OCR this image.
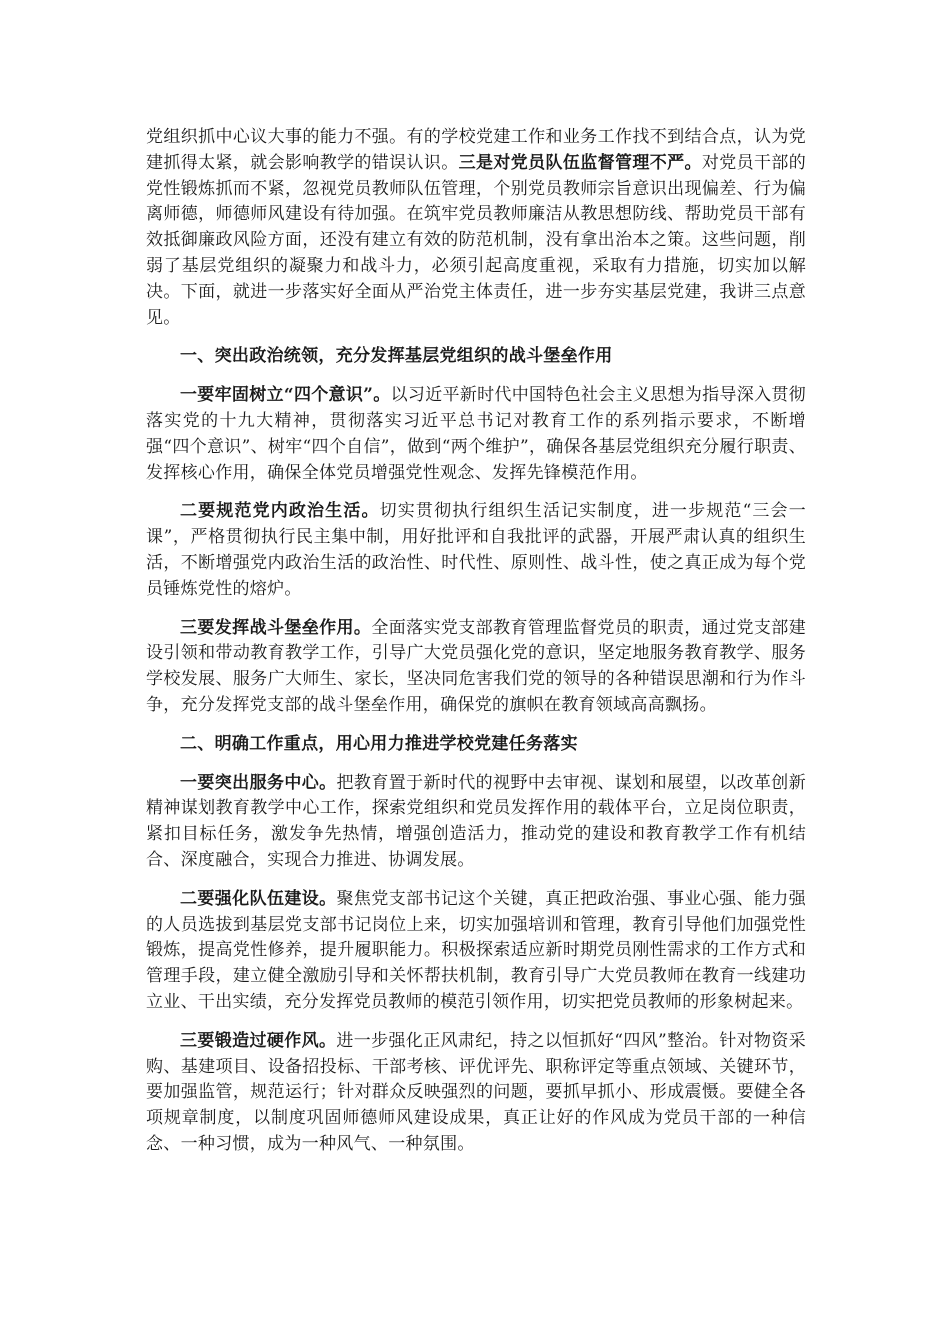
党组织抓中心议大事的能力不强。有的学校党建工作和业务工作找不到结合点，认为党建抓得太紧，就会影响教学的错误认识。三是对党员队伍监督管理不严。对党员干部的党性锻炼抓而不紧，忽视党员教师队伍管理，个别党员教师宗旨意识出现偏差、行为偏离师德，师德师风建设有待加强。在筑牢党员教师廉洁从教思想防线、帮助党员干部有效抵御廉政风险方面，还没有建立有效的防范机制，没有拿出治本之策。这些问题，削弱了基层党组织的凝聚力和战斗力，必须引起高度重视，采取有力措施，切实加以解决。下面，就进一步落实好全面从严治党主体责任，进一步夯实基层党建，我讲三点意见。

一、突出政治统领，充分发挥基层党组织的战斗堡垒作用

一要牢固树立“四个意识”。以习近平新时代中国特色社会主义思想为指导深入贯彻落实党的十九大精神，贯彻落实习近平总书记对教育工作的系列指示要求，不断增强“四个意识”、树牢“四个自信”，做到“两个维护”，确保各基层党组织充分履行职责、发挥核心作用，确保全体党员增强党性观念、发挥先锋模范作用。

二要规范党内政治生活。切实贯彻执行组织生活记实制度，进一步规范“三会一课”，严格贯彻执行民主集中制，用好批评和自我批评的武器，开展严肃认真的组织生活，不断增强党内政治生活的政治性、时代性、原则性、战斗性，使之真正成为每个党员锤炼党性的熔炉。

三要发挥战斗堡垒作用。全面落实党支部教育管理监督党员的职责，通过党支部建设引领和带动教育教学工作，引导广大党员强化党的意识，坚定地服务教育教学、服务学校发展、服务广大师生、家长，坚决同危害我们党的领导的各种错误思潮和行为作斗争，充分发挥党支部的战斗堡垒作用，确保党的旗帜在教育领域高高飘扬。

二、明确工作重点，用心用力推进学校党建任务落实

一要突出服务中心。把教育置于新时代的视野中去审视、谋划和展望，以改革创新精神谋划教育教学中心工作，探索党组织和党员发挥作用的载体平台，立足岗位职责，紧扣目标任务，激发争先热情，增强创造活力，推动党的建设和教育教学工作有机结合、深度融合，实现合力推进、协调发展。

二要强化队伍建设。聚焦党支部书记这个关键，真正把政治强、事业心强、能力强的人员选拔到基层党支部书记岗位上来，切实加强培训和管理，教育引导他们加强党性锻炼，提高党性修养，提升履职能力。积极探索适应新时期党员刚性需求的工作方式和管理手段，建立健全激励引导和关怀帮扶机制，教育引导广大党员教师在教育一线建功立业、干出实绩，充分发挥党员教师的模范引领作用，切实把党员教师的形象树起来。

三要锻造过硬作风。进一步强化正风肃纪，持之以恒抓好“四风”整治。针对物资采购、基建项目、设备招投标、干部考核、评优评先、职称评定等重点领域、关键环节，要加强监管，规范运行；针对群众反映强烈的问题，要抓早抓小、形成震慑。要健全各项规章制度，以制度巩固师德师风建设成果，真正让好的作风成为党员干部的一种信念、一种习惯，成为一种风气、一种氛围。
